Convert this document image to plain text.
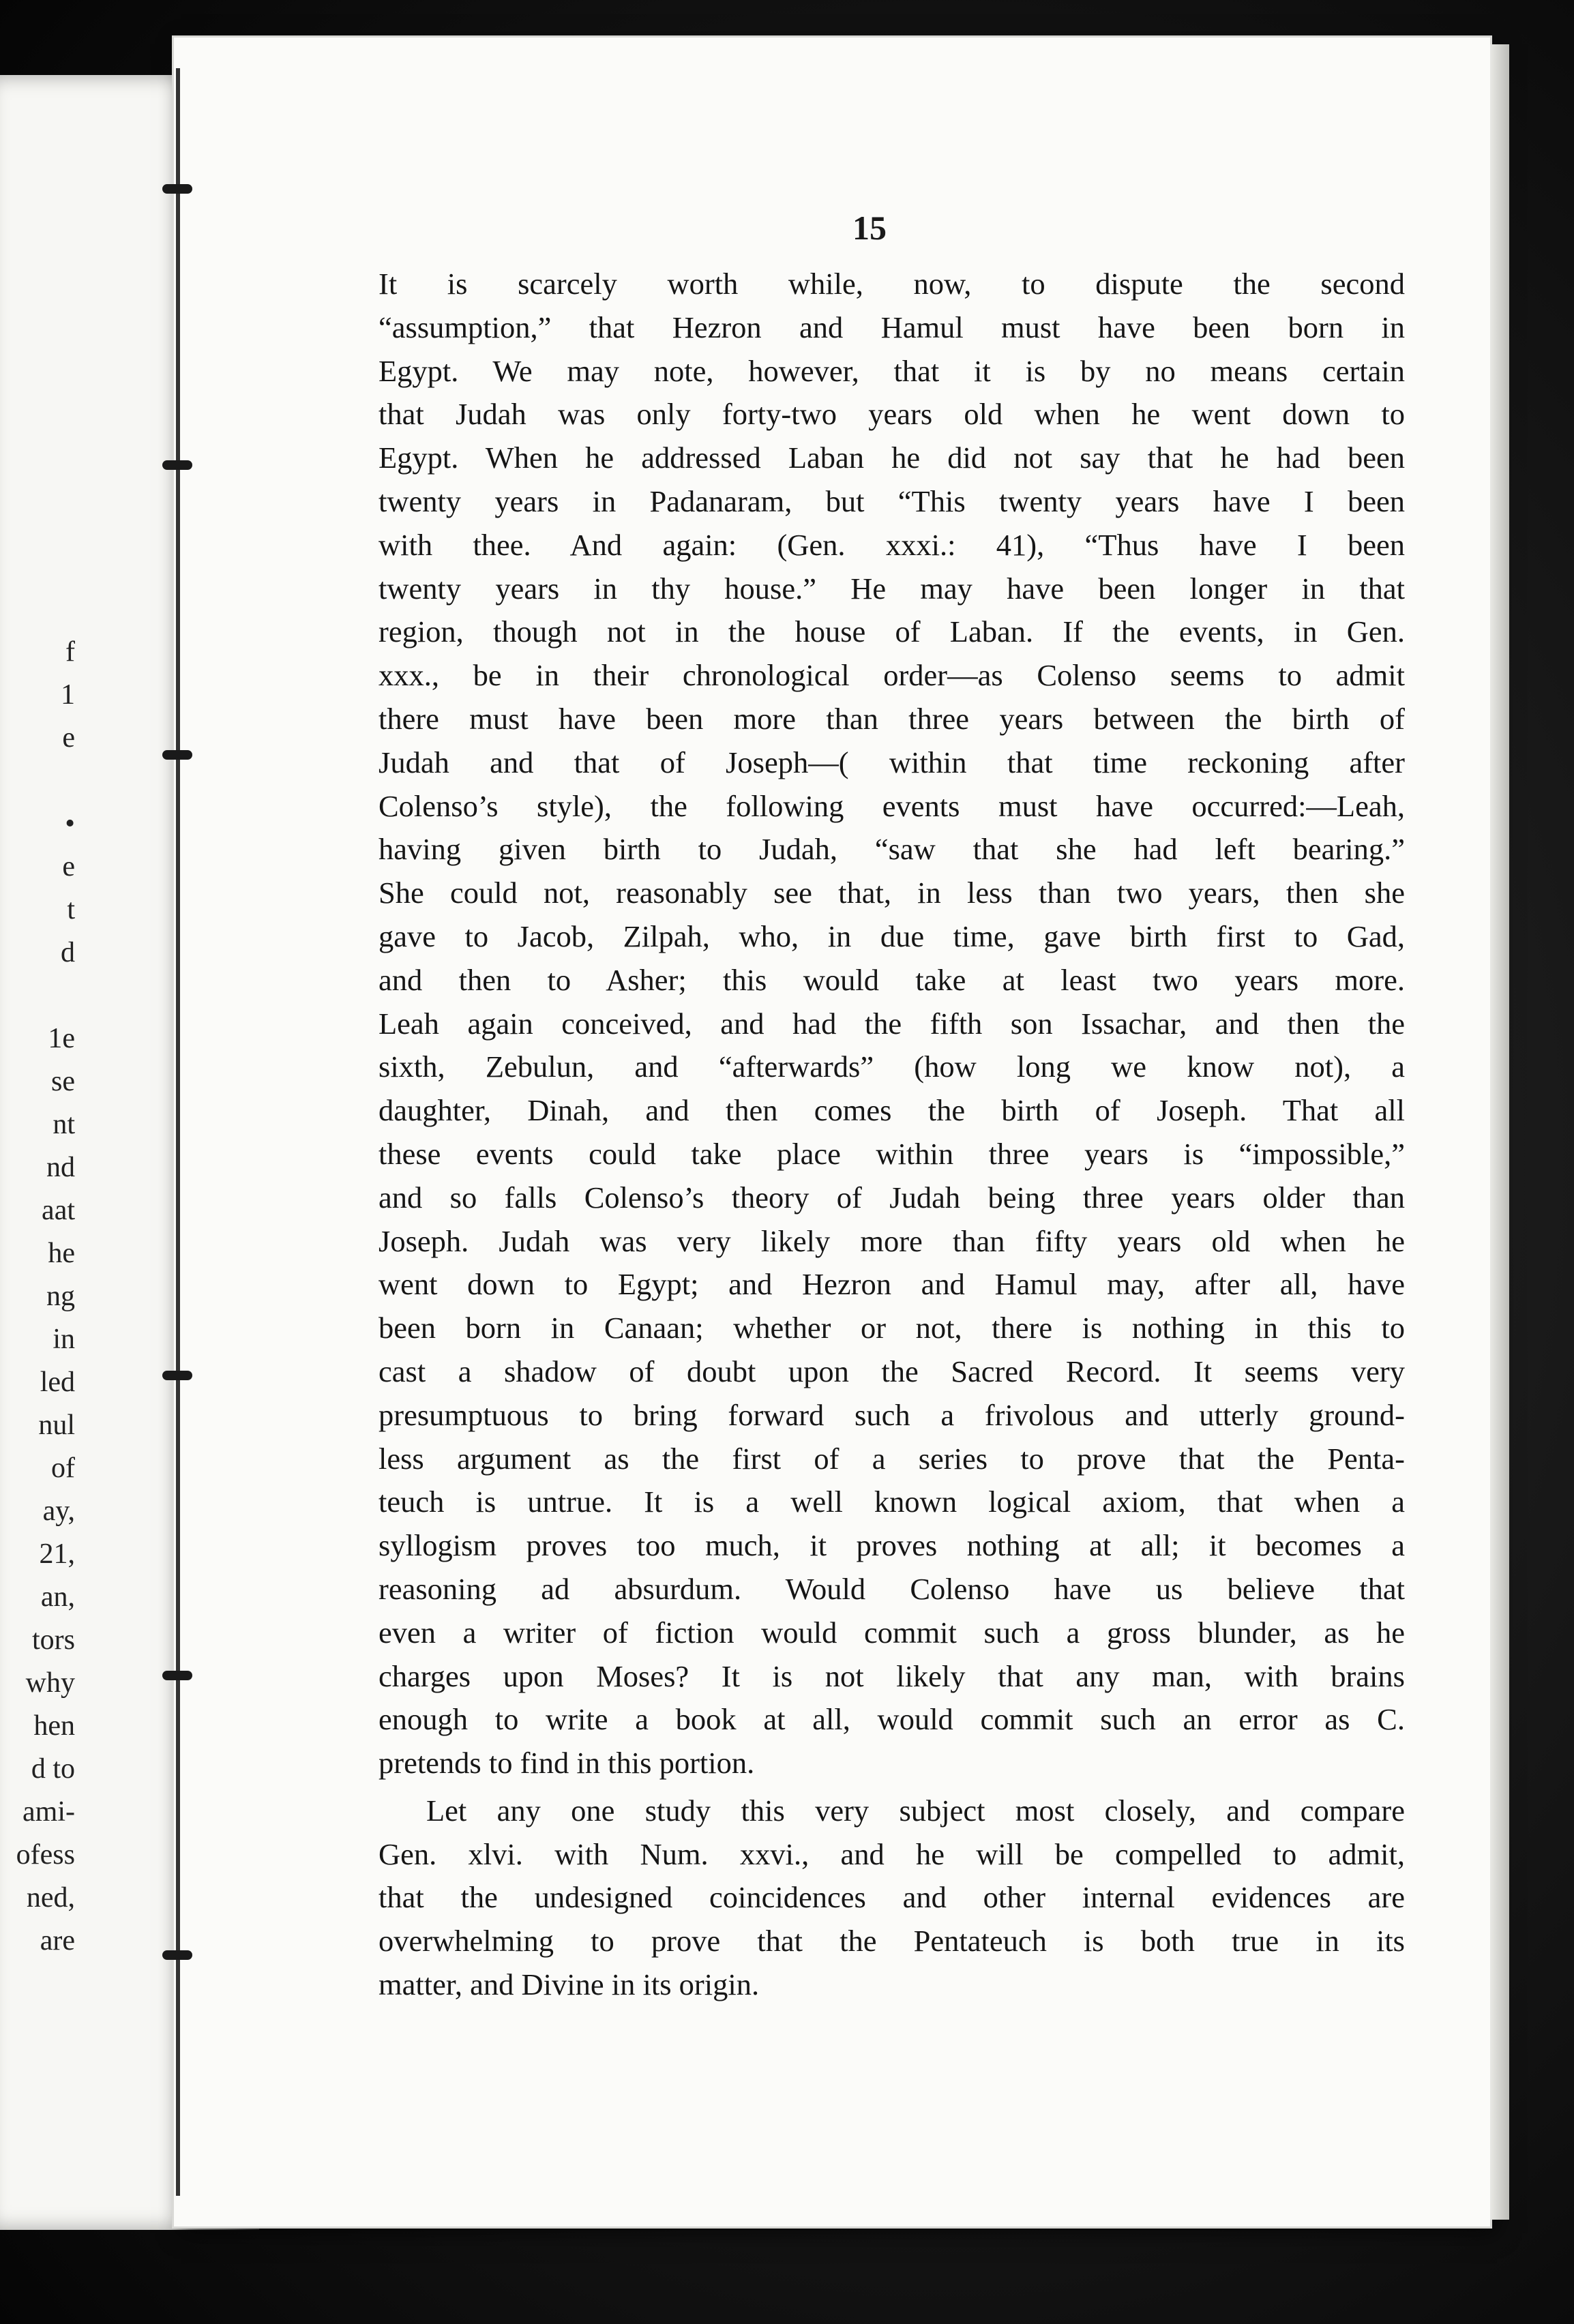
f
1
e

•
e
t
d

1e
se
nt
nd
aat
he
ng
in
led
nul
of
ay,
21,
an,
tors
why
hen
d to
ami-
ofess
ned,
are
15
It is scarcely worth while, now, to dispute the second
“assumption,” that Hezron and Hamul must have been born in
Egypt. We may note, however, that it is by no means certain
that Judah was only forty-two years old when he went down to
Egypt. When he addressed Laban he did not say that he had been
twenty years in Padanaram, but “This twenty years have I been
with thee. And again: (Gen. xxxi.: 41), “Thus have I been
twenty years in thy house.” He may have been longer in that
region, though not in the house of Laban. If the events, in Gen.
xxx., be in their chronological order—as Colenso seems to admit
there must have been more than three years between the birth of
Judah and that of Joseph—( within that time reckoning after
Colenso’s style), the following events must have occurred:—Leah,
having given birth to Judah, “saw that she had left bearing.”
She could not, reasonably see that, in less than two years, then she
gave to Jacob, Zilpah, who, in due time, gave birth first to Gad,
and then to Asher; this would take at least two years more.
Leah again conceived, and had the fifth son Issachar, and then the
sixth, Zebulun, and “afterwards” (how long we know not), a
daughter, Dinah, and then comes the birth of Joseph. That all
these events could take place within three years is “impossible,”
and so falls Colenso’s theory of Judah being three years older than
Joseph. Judah was very likely more than fifty years old when he
went down to Egypt; and Hezron and Hamul may, after all, have
been born in Canaan; whether or not, there is nothing in this to
cast a shadow of doubt upon the Sacred Record. It seems very
presumptuous to bring forward such a frivolous and utterly ground-
less argument as the first of a series to prove that the Penta-
teuch is untrue. It is a well known logical axiom, that when a
syllogism proves too much, it proves nothing at all; it becomes a
reasoning ad absurdum. Would Colenso have us believe that
even a writer of fiction would commit such a gross blunder, as he
charges upon Moses? It is not likely that any man, with brains
enough to write a book at all, would commit such an error as C.
pretends to find in this portion.
Let any one study this very subject most closely, and compare
Gen. xlvi. with Num. xxvi., and he will be compelled to admit,
that the undesigned coincidences and other internal evidences are
overwhelming to prove that the Pentateuch is both true in its
matter, and Divine in its origin.
